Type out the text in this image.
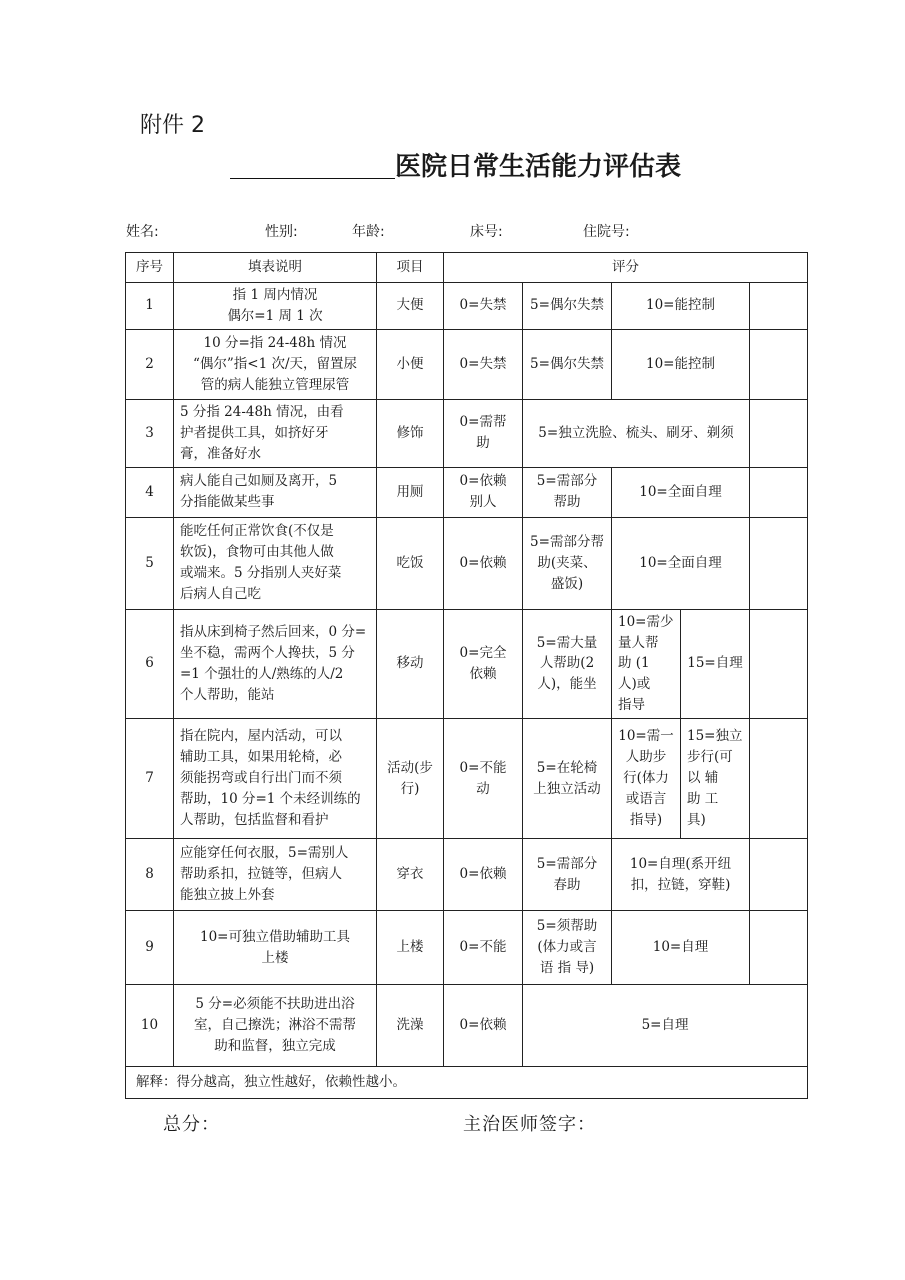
附件 2
医院日常生活能力评估表
姓名:	性别:	年龄:	床号:	住院号:
序号	填表说明	项目	评分				
1	指 1 周内情况
偶尔=1 周 1 次	大便	0=失禁	5=偶尔失禁	10=能控制		
2	10 分=指 24-48h 情况
“偶尔”指<1 次/天，留置尿
管的病人能独立管理尿管	小便	0=失禁	5=偶尔失禁	10=能控制		
3	5 分指 24-48h 情况，由看
护者提供工具，如挤好牙
膏，准备好水	修饰	0=需帮
助	5=独立洗脸、梳头、刷牙、剃须			
4	病人能自己如厕及离开，5
分指能做某些事	用厕	0=依赖
别人	5=需部分
帮助	10=全面自理		
5	能吃任何正常饮食(不仅是
软饭)，食物可由其他人做
或端来。5 分指别人夹好菜
后病人自己吃	吃饭	0=依赖	5=需部分帮
助(夹菜、
盛饭)	10=全面自理		
6	指从床到椅子然后回来，0 分=
坐不稳，需两个人搀扶，5 分
=1 个强壮的人/熟练的人/2
个人帮助，能站	移动	0=完全
依赖	5=需大量
人帮助(2
人)，能坐	10=需少
量人帮
助 (1
人)或
指导	15=自理	
7	指在院内，屋内活动，可以
辅助工具，如果用轮椅，必
须能拐弯或自行出门而不须
帮助，10 分=1 个未经训练的
人帮助，包括监督和看护	活动(步
行)	0=不能
动	5=在轮椅
上独立活动	10=需一
人助步
行(体力
或语言
指导)	15=独立
步行(可
以 辅
助 工
具)	
8	应能穿任何衣服，5=需别人
帮助系扣，拉链等，但病人
能独立披上外套	穿衣	0=依赖	5=需部分
春助	10=自理(系开纽
扣，拉链，穿鞋)		
9	10=可独立借助辅助工具
上楼	上楼	0=不能	5=须帮助
(体力或言
语 指 导)	10=自理		
10	5 分=必须能不扶助进出浴
室，自己擦洗；淋浴不需帮
助和监督，独立完成	洗澡	0=依赖	5=自理			
解释：得分越高，独立性越好，依赖性越小。							
总分：	主治医师签字：
